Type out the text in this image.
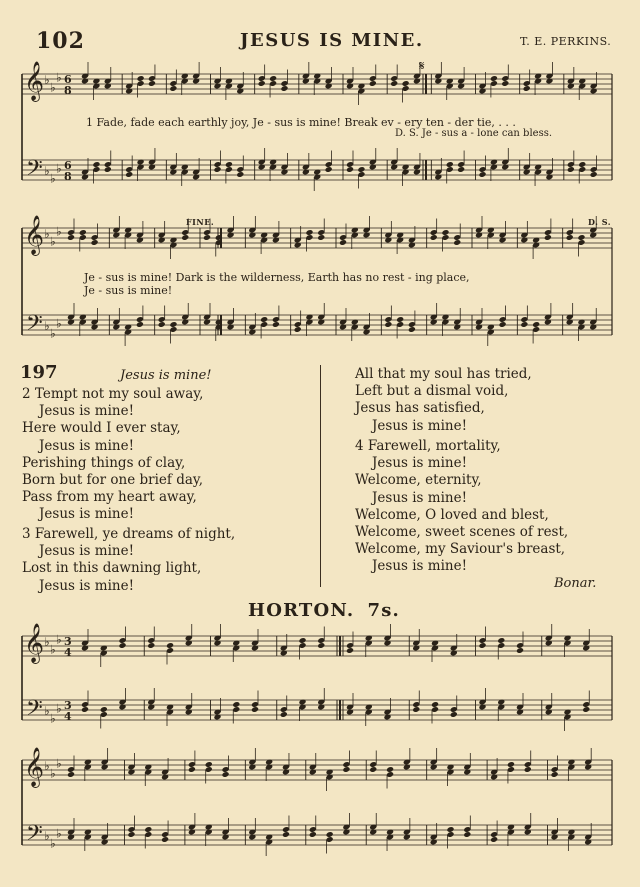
102	JESUS IS MINE.	T. E. PERKINS.
𝄞
𝄢
♭
♭
♭
♭
♭
♭
6
8
6
8
𝄞
𝄢
♭
♭
♭
♭
♭
♭
𝄞
𝄢
♭
♭
♭
♭
♭
♭
3
4
3
4
𝄞
𝄢
♭
♭
♭
♭
♭
♭
𝄋
1 Fade, fade each earthly joy, Je - sus is mine! Break ev - ery ten - der tie, . . .
D. S. Je - sus a - lone can bless.
FINE.	D. S.
Je - sus is mine! Dark is the wilderness, Earth has no rest - ing place,
Je - sus is mine!
197	Jesus is mine!
2 Tempt not my soul away,
Jesus is mine!
Here would I ever stay,
Jesus is mine!
Perishing things of clay,
Born but for one brief day,
Pass from my heart away,
Jesus is mine!
3 Farewell, ye dreams of night,
Jesus is mine!
Lost in this dawning light,
Jesus is mine!
All that my soul has tried,
Left but a dismal void,
Jesus has satisfied,
Jesus is mine!
4 Farewell, mortality,
Jesus is mine!
Welcome, eternity,
Jesus is mine!
Welcome, O loved and blest,
Welcome, sweet scenes of rest,
Welcome, my Saviour's breast,
Jesus is mine!
Bonar.
HORTON. 7s.
